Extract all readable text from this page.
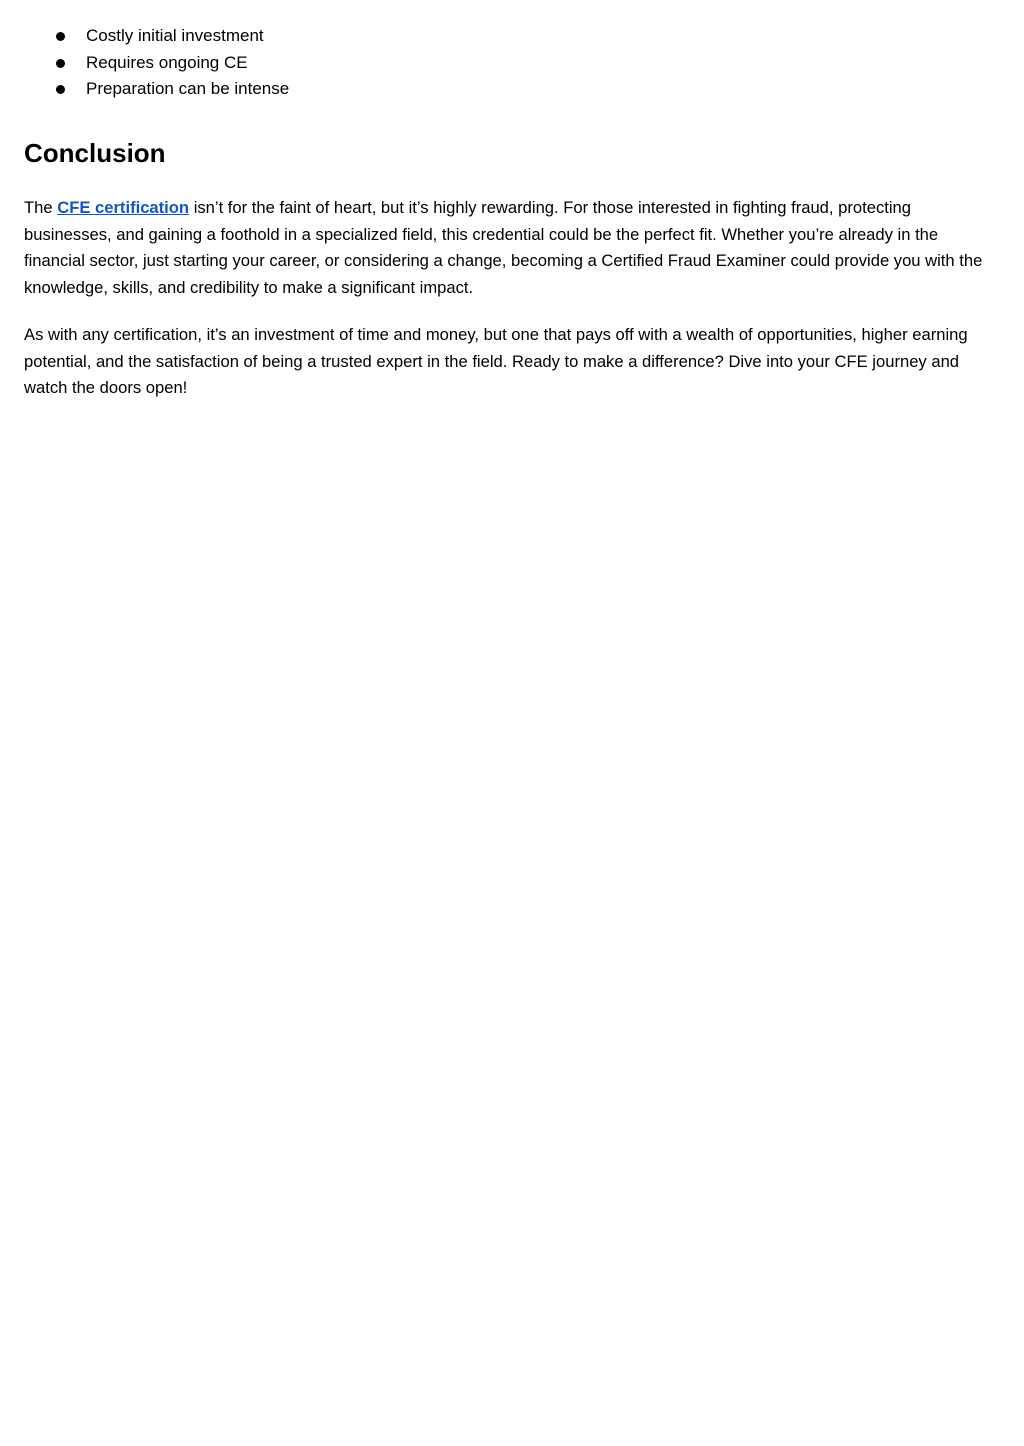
Costly initial investment
Requires ongoing CE
Preparation can be intense
Conclusion

The CFE certification isn’t for the faint of heart, but it’s highly rewarding. For those interested in fighting fraud, protecting businesses, and gaining a foothold in a specialized field, this credential could be the perfect fit. Whether you’re already in the financial sector, just starting your career, or considering a change, becoming a Certified Fraud Examiner could provide you with the knowledge, skills, and credibility to make a significant impact.

As with any certification, it’s an investment of time and money, but one that pays off with a wealth of opportunities, higher earning potential, and the satisfaction of being a trusted expert in the field. Ready to make a difference? Dive into your CFE journey and watch the doors open!
